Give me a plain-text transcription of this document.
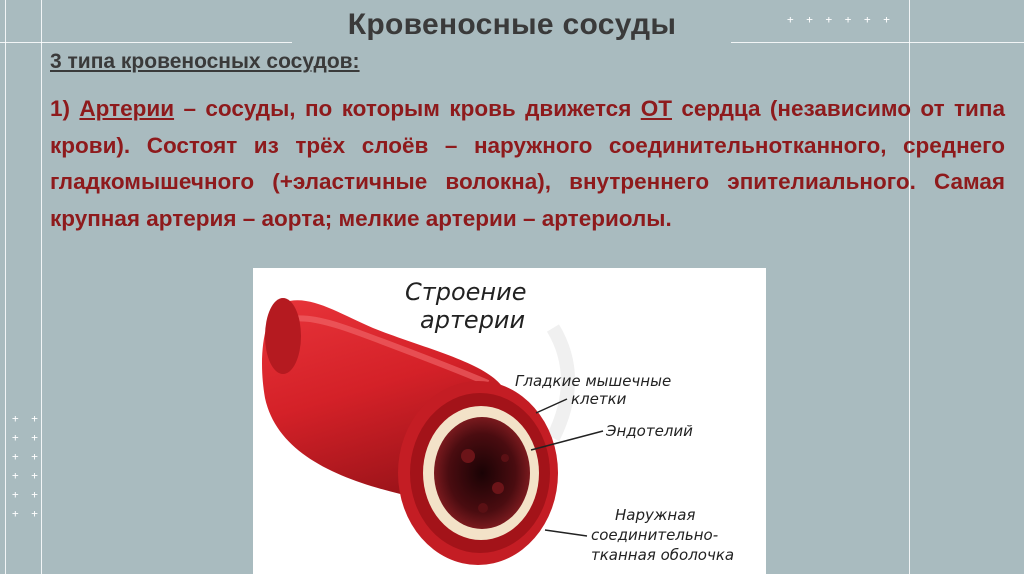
+ + + + + +
+ +
+ +
+ +
+ +
+ +
+ +
Кровеносные сосуды
3 типа кровеносных сосудов:
1) Артерии – сосуды, по которым кровь движется ОТ сердца (независимо от типа крови). Состоят из трёх слоёв – наружного соединительнотканного, среднего гладкомышечного (+эластичные волокна), внутреннего эпителиального. Самая крупная артерия – аорта; мелкие артерии – артериолы.
Строение
артерии
Гладкие мышечные
клетки
Эндотелий
Наружная
соединительно-
тканная оболочка
